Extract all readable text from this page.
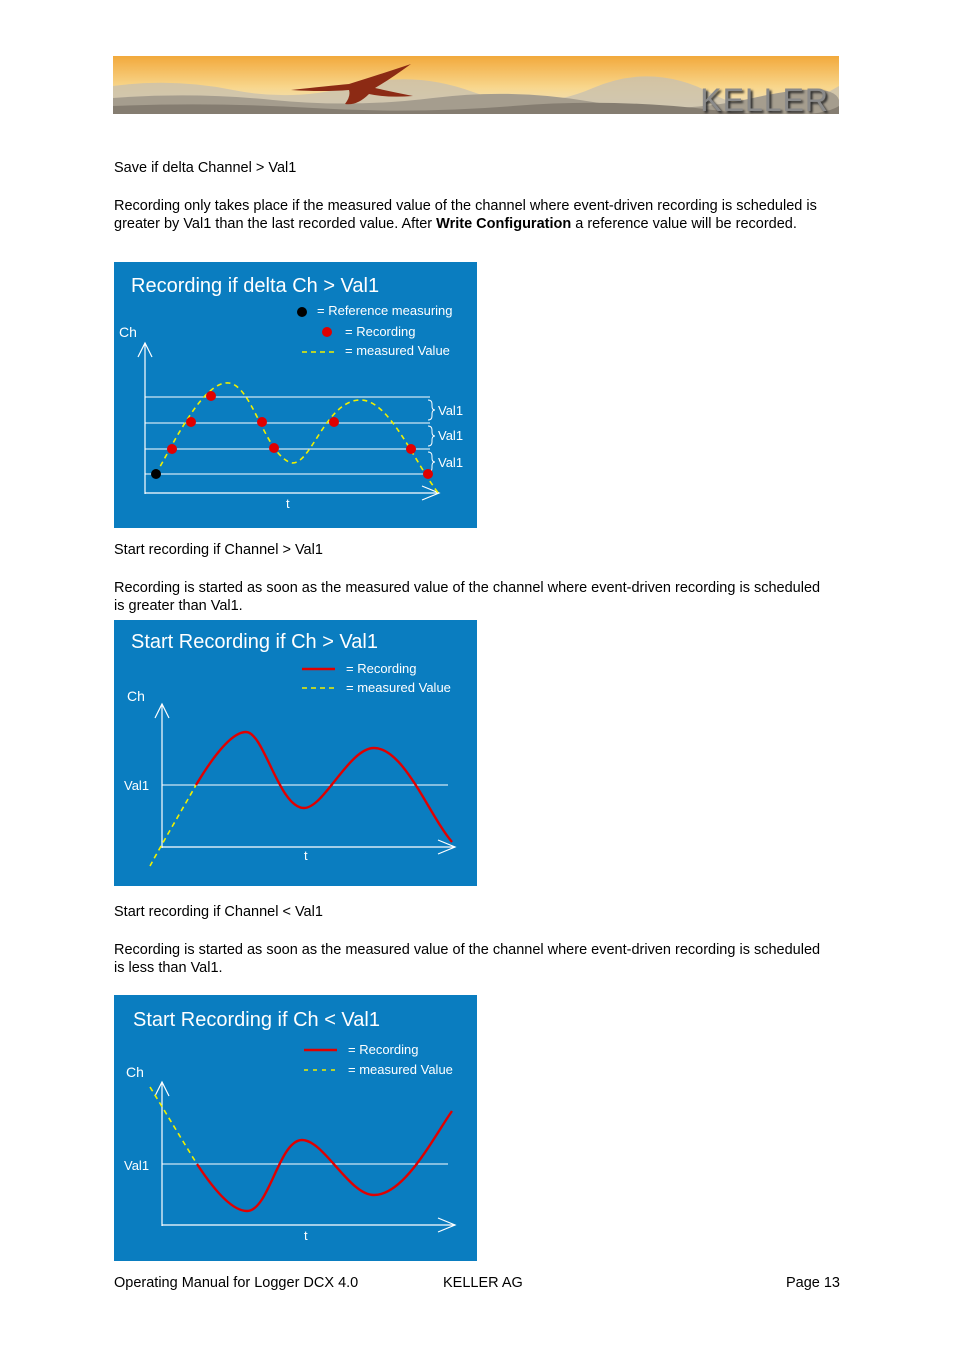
KELLER

Save if delta Channel > Val1

Recording only takes place if the measured value of the channel where event-driven recording is scheduled is greater by Val1 than the last recorded value. After Write Configuration a reference value will be recorded.

Recording if delta Ch > Val1
= Reference measuring
= Recording
= measured Value
Ch
t
Val1
Val1
Val1

Start recording if Channel > Val1

Recording is started as soon as the measured value of the channel where event-driven recording is scheduled is greater than Val1.

Start Recording if Ch > Val1
= Recording
= measured Value
Ch
t
Val1

Start recording if Channel < Val1

Recording is started as soon as the measured value of the channel where event-driven recording is scheduled is less than Val1.

Start Recording if Ch < Val1
= Recording
= measured Value
Ch
t
Val1
Operating Manual for Logger DCX 4.0	KELLER AG	Page 13
